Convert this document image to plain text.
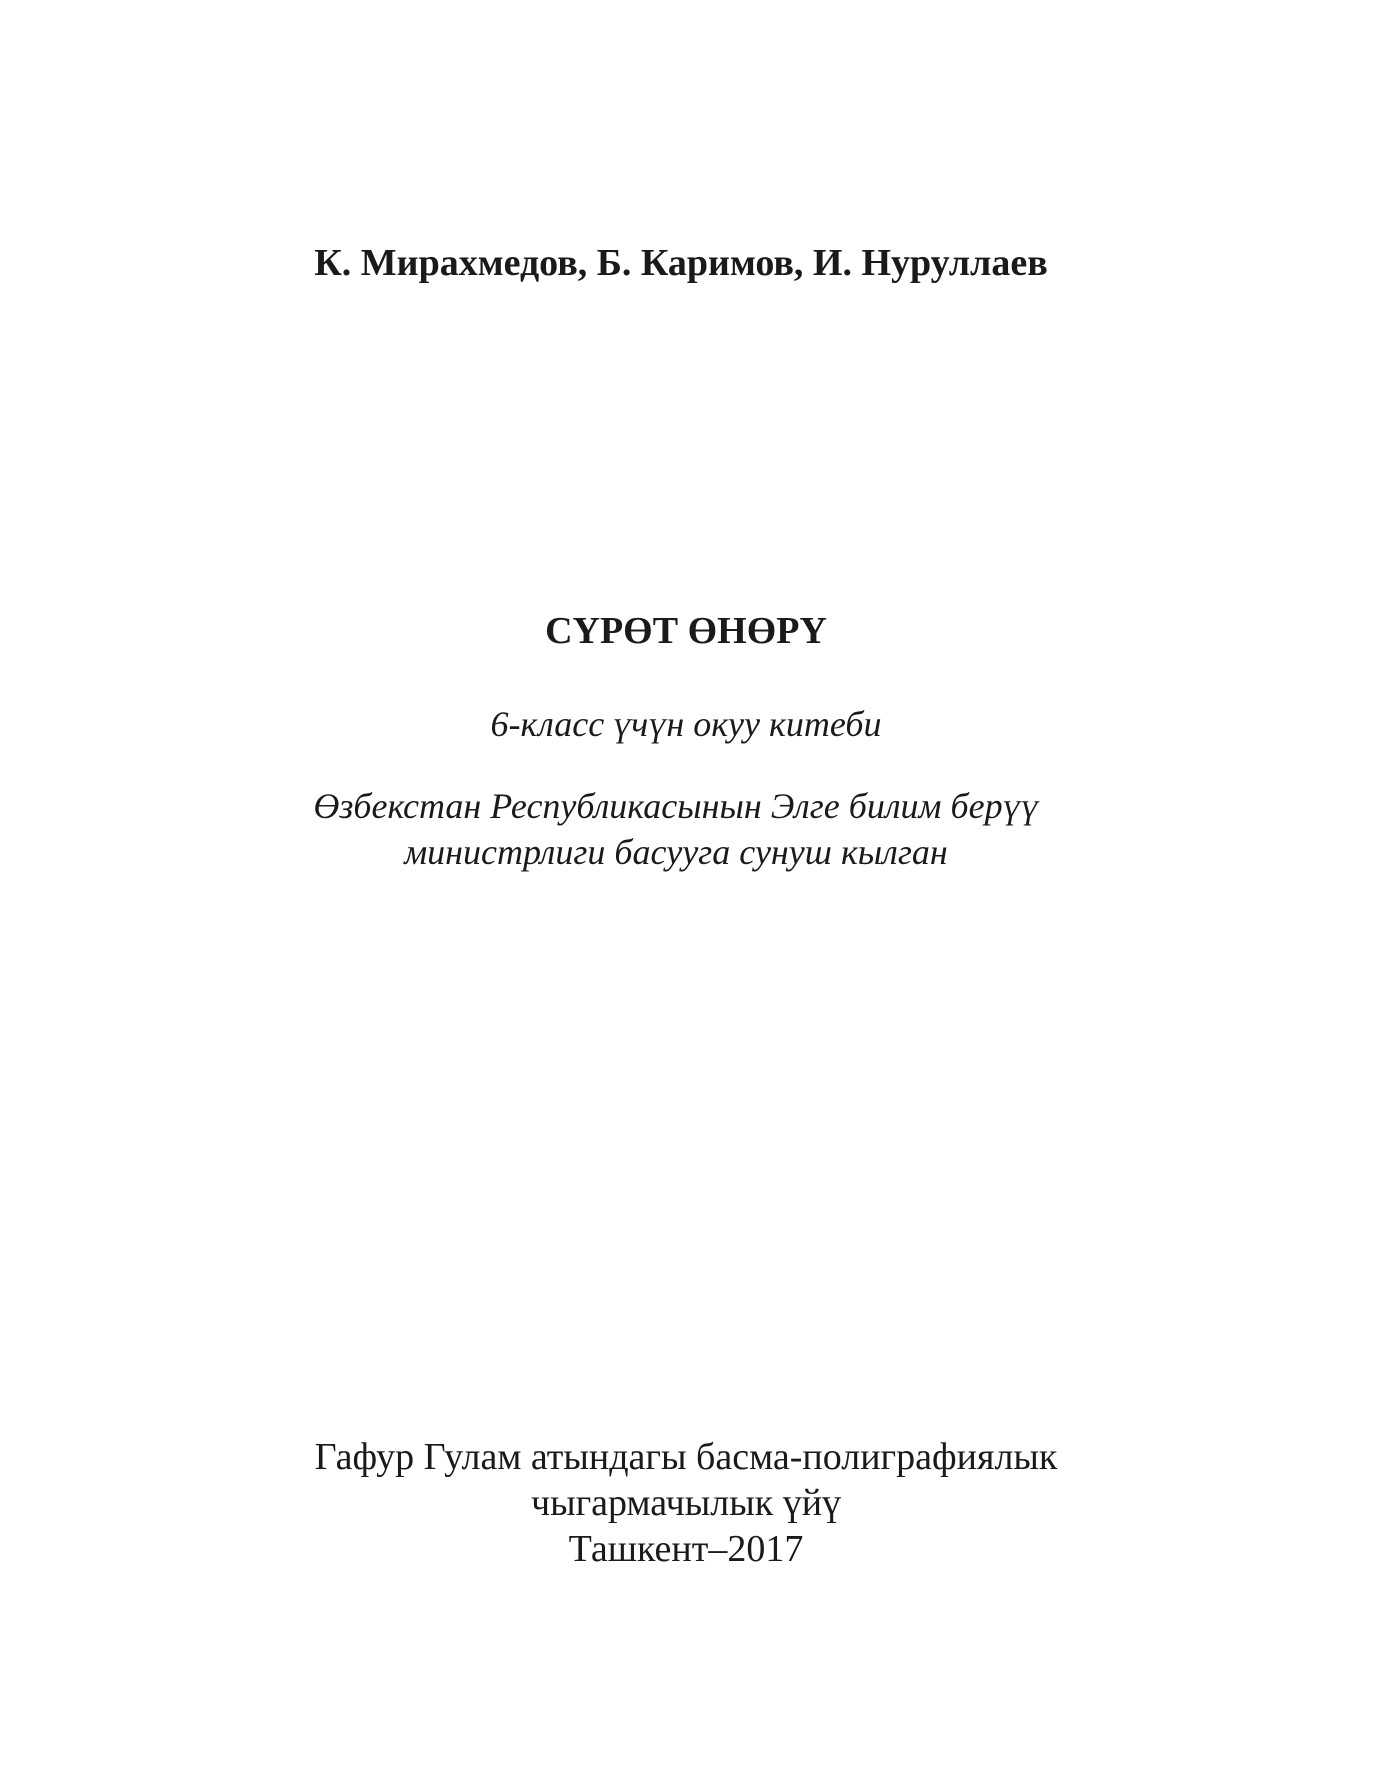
К. Мирахмедов, Б. Каримов, И. Нуруллаев
СҮРӨТ ӨНӨРҮ
6-класс үчүн окуу китеби
Өзбекстан Республикасынын Элге билим берүү
министрлиги басууга сунуш кылган
Гафур Гулам атындагы басма-полиграфиялык
чыгармачылык үйү
Ташкент–2017
